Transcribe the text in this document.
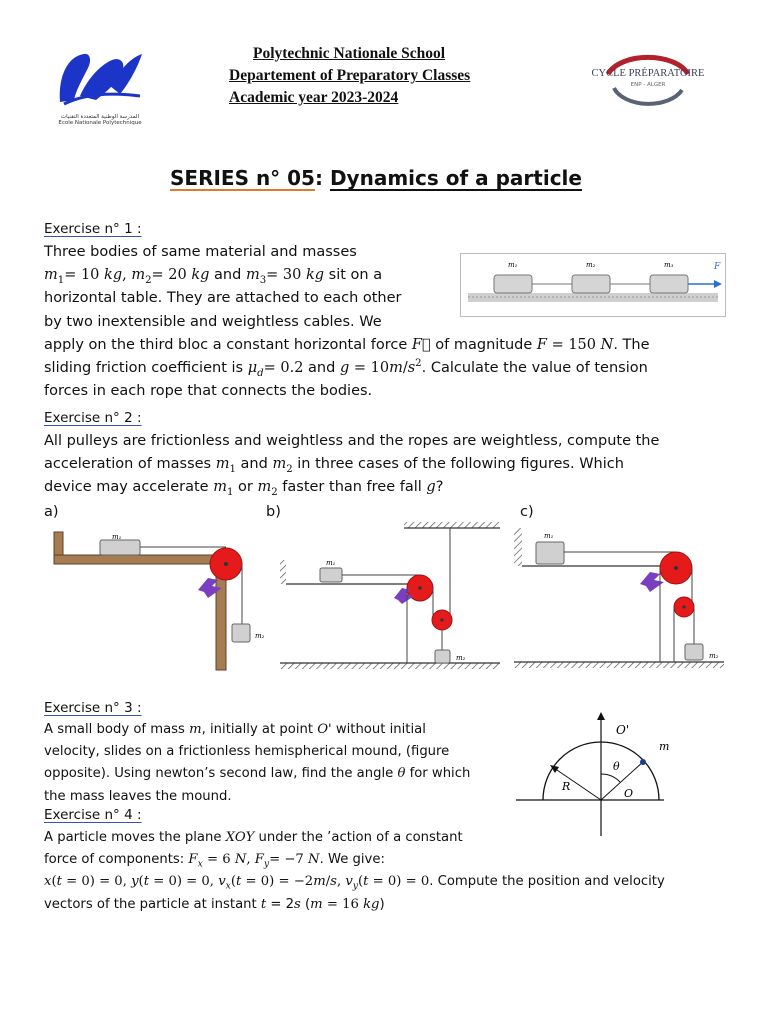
المدرسة الوطنية المتعددة التقنيات
Ecole Nationale Polytechnique
Polytechnic Nationale School
Departement of Preparatory Classes
Academic year 2023-2024
CYCLE PRÉPARATOIRE
ENP - ALGER
SERIES n° 05: Dynamics of a particle
Exercise n° 1 :
Three bodies of same material and masses
$m_1= 10$ kg, $m_2= 20$ kg and $m_3= 30$ kg sit on a
horizontal table. They are attached to each other
by two inextensible and weightless cables. We
apply on the third bloc a constant horizontal force F⃗ of magnitude F = 150 N. The
sliding friction coefficient is $\mu_d= 0.2$ and $g = 10m/s^2$. Calculate the value of tension
forces in each rope that connects the bodies.
m₁	m₂	m₃	F
Exercise n° 2 :
All pulleys are frictionless and weightless and the ropes are weightless, compute the
acceleration of masses $m_1$ and $m_2$ in three cases of the following figures. Which
device may accelerate $m_1$ or $m_2$ faster than free fall g?
a)	b)	c)
m₁
m₂
m₁
m₂
m₁
m₂
Exercise n° 3 :
A small body of mass m, initially at point O' without initial
velocity, slides on a frictionless hemispherical mound, (figure
opposite). Using newton’s second law, find the angle θ for which
the mass leaves the mound.
O'
m
θ
R
O
Exercise n° 4 :
A particle moves the plane XOY under the ’action of a constant
force of components: $F_x = 6$ N, $F_y= -7$ N. We give:
x(t = 0) = 0, y(t = 0) = 0, $v_x(t = 0) = -2m/s$, $v_y(t = 0) = 0$. Compute the position and velocity
vectors of the particle at instant t = 2s (m = 16 kg)
